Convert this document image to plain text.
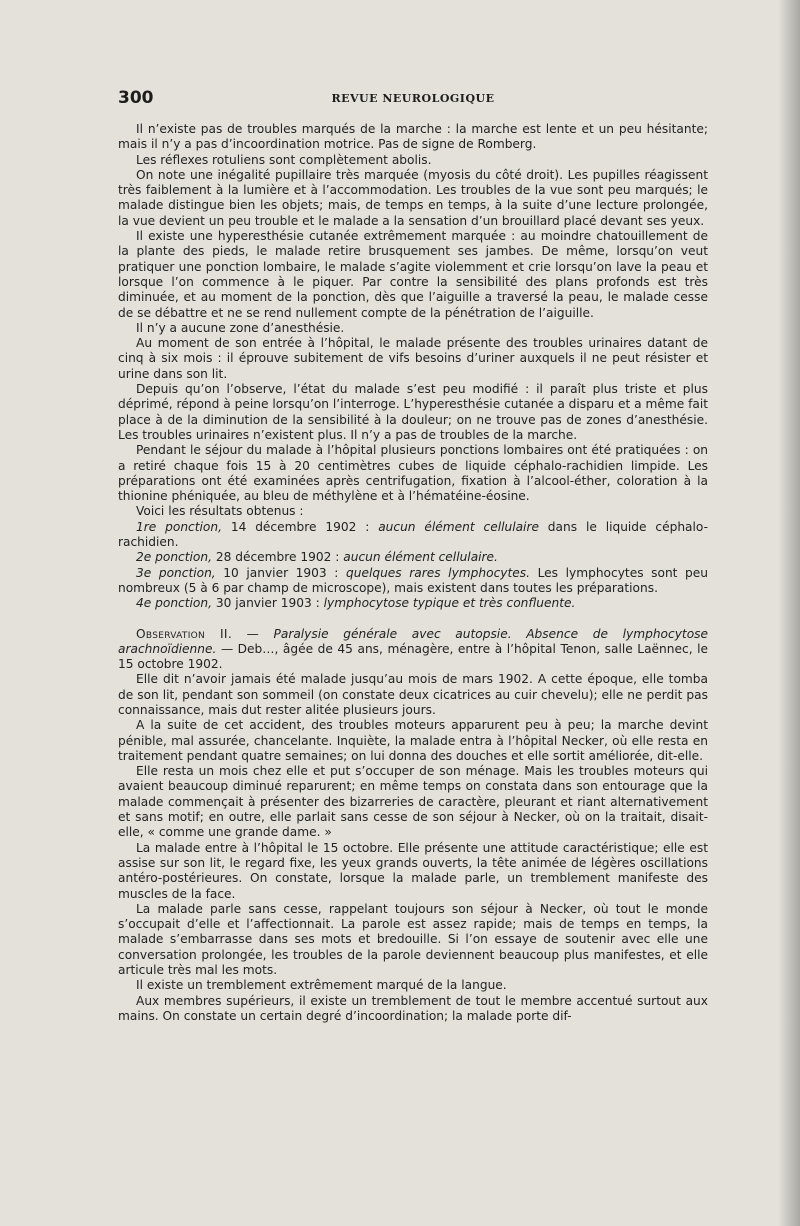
300	REVUE NEUROLOGIQUE

Il n’existe pas de troubles marqués de la marche : la marche est lente et un peu hésitante; mais il n’y a pas d’incoordination motrice. Pas de signe de Romberg.

Les réflexes rotuliens sont complètement abolis.

On note une inégalité pupillaire très marquée (myosis du côté droit). Les pupilles réagissent très faiblement à la lumière et à l’accommodation. Les troubles de la vue sont peu marqués; le malade distingue bien les objets; mais, de temps en temps, à la suite d’une lecture prolongée, la vue devient un peu trouble et le malade a la sensation d’un brouillard placé devant ses yeux.

Il existe une hyperesthésie cutanée extrêmement marquée : au moindre chatouillement de la plante des pieds, le malade retire brusquement ses jambes. De même, lorsqu’on veut pratiquer une ponction lombaire, le malade s’agite violemment et crie lorsqu’on lave la peau et lorsque l’on commence à le piquer. Par contre la sensibilité des plans profonds est très diminuée, et au moment de la ponction, dès que l’aiguille a traversé la peau, le malade cesse de se débattre et ne se rend nullement compte de la pénétration de l’aiguille.

Il n’y a aucune zone d’anesthésie.

Au moment de son entrée à l’hôpital, le malade présente des troubles urinaires datant de cinq à six mois : il éprouve subitement de vifs besoins d’uriner auxquels il ne peut résister et urine dans son lit.

Depuis qu’on l’observe, l’état du malade s’est peu modifié : il paraît plus triste et plus déprimé, répond à peine lorsqu’on l’interroge. L’hyperesthésie cutanée a disparu et a même fait place à de la diminution de la sensibilité à la douleur; on ne trouve pas de zones d’anesthésie. Les troubles urinaires n’existent plus. Il n’y a pas de troubles de la marche.

Pendant le séjour du malade à l’hôpital plusieurs ponctions lombaires ont été pratiquées : on a retiré chaque fois 15 à 20 centimètres cubes de liquide céphalo-rachidien limpide. Les préparations ont été examinées après centrifugation, fixation à l’alcool-éther, coloration à la thionine phéniquée, au bleu de méthylène et à l’hématéine-éosine.

Voici les résultats obtenus :

1re ponction, 14 décembre 1902 : aucun élément cellulaire dans le liquide céphalo-rachidien.

2e ponction, 28 décembre 1902 : aucun élément cellulaire.

3e ponction, 10 janvier 1903 : quelques rares lymphocytes. Les lymphocytes sont peu nombreux (5 à 6 par champ de microscope), mais existent dans toutes les préparations.

4e ponction, 30 janvier 1903 : lymphocytose typique et très confluente.

Observation II. — Paralysie générale avec autopsie. Absence de lymphocytose arachnoïdienne. — Deb…, âgée de 45 ans, ménagère, entre à l’hôpital Tenon, salle Laënnec, le 15 octobre 1902.

Elle dit n’avoir jamais été malade jusqu’au mois de mars 1902. A cette époque, elle tomba de son lit, pendant son sommeil (on constate deux cicatrices au cuir chevelu); elle ne perdit pas connaissance, mais dut rester alitée plusieurs jours.

A la suite de cet accident, des troubles moteurs apparurent peu à peu; la marche devint pénible, mal assurée, chancelante. Inquiète, la malade entra à l’hôpital Necker, où elle resta en traitement pendant quatre semaines; on lui donna des douches et elle sortit améliorée, dit-elle.

Elle resta un mois chez elle et put s’occuper de son ménage. Mais les troubles moteurs qui avaient beaucoup diminué reparurent; en même temps on constata dans son entourage que la malade commençait à présenter des bizarreries de caractère, pleurant et riant alternativement et sans motif; en outre, elle parlait sans cesse de son séjour à Necker, où on la traitait, disait-elle, « comme une grande dame. »

La malade entre à l’hôpital le 15 octobre. Elle présente une attitude caractéristique; elle est assise sur son lit, le regard fixe, les yeux grands ouverts, la tête animée de légères oscillations antéro-postérieures. On constate, lorsque la malade parle, un tremblement manifeste des muscles de la face.

La malade parle sans cesse, rappelant toujours son séjour à Necker, où tout le monde s’occupait d’elle et l’affectionnait. La parole est assez rapide; mais de temps en temps, la malade s’embarrasse dans ses mots et bredouille. Si l’on essaye de soutenir avec elle une conversation prolongée, les troubles de la parole deviennent beaucoup plus manifestes, et elle articule très mal les mots.

Il existe un tremblement extrêmement marqué de la langue.

Aux membres supérieurs, il existe un tremblement de tout le membre accentué surtout aux mains. On constate un certain degré d’incoordination; la malade porte dif-
